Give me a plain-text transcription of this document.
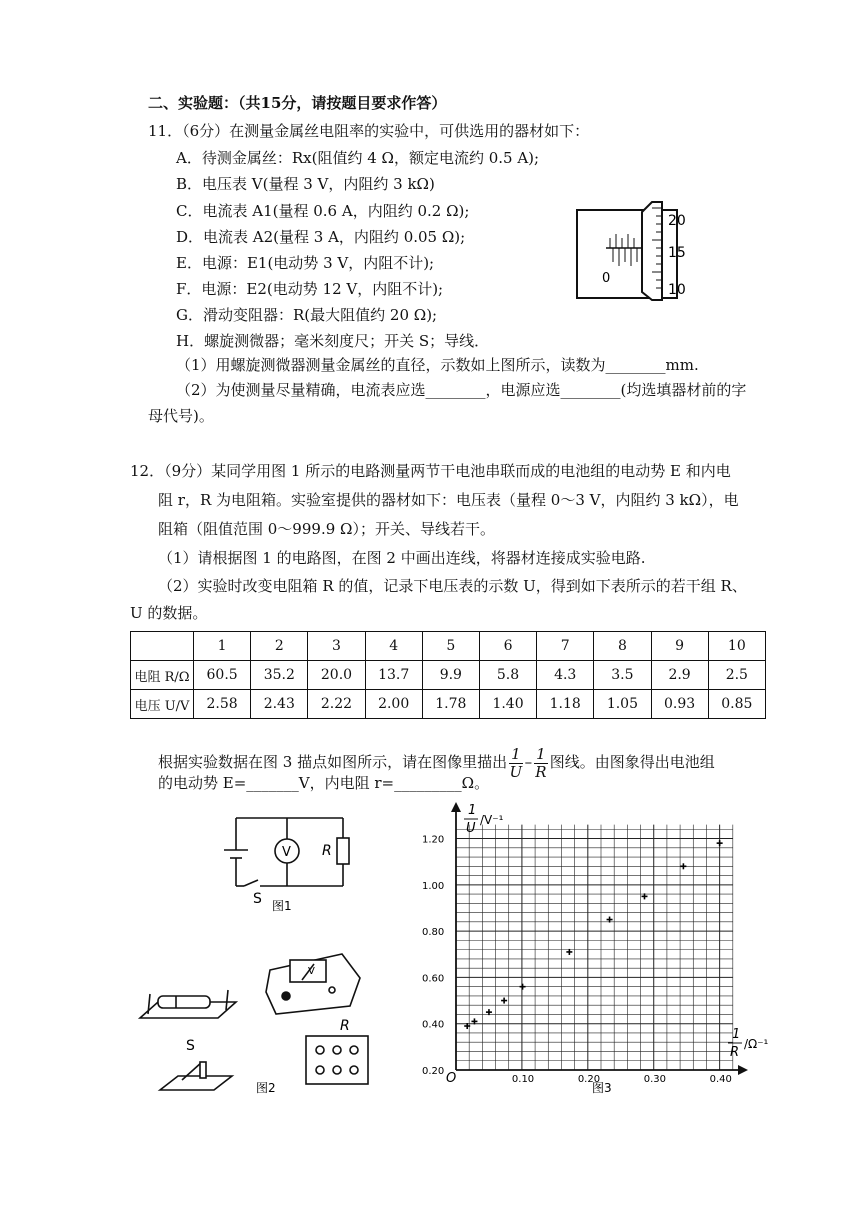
二、实验题：（共15分，请按题目要求作答）
11．（6分）在测量金属丝电阻率的实验中，可供选用的器材如下：
A．待测金属丝：Rx(阻值约 4 Ω，额定电流约 0.5 A);
B．电压表 V(量程 3 V，内阻约 3 kΩ)
C．电流表 A1(量程 0.6 A，内阻约 0.2 Ω);
D．电流表 A2(量程 3 A，内阻约 0.05 Ω);
E．电源：E1(电动势 3 V，内阻不计);
F．电源：E2(电动势 12 V，内阻不计);
G．滑动变阻器：R(最大阻值约 20 Ω);
H．螺旋测微器；毫米刻度尺；开关 S；导线．
（1）用螺旋测微器测量金属丝的直径，示数如上图所示，读数为________mm.
（2）为使测量尽量精确，电流表应选________，电源应选________(均选填器材前的字
母代号)。
20
15
10
0
12．（9分）某同学用图 1 所示的电路测量两节干电池串联而成的电池组的电动势 E 和内电
阻 r，R 为电阻箱。实验室提供的器材如下：电压表（量程 0～3 V，内阻约 3 kΩ），电
阻箱（阻值范围 0～999.9 Ω）；开关、导线若干。
（1）请根据图 1 的电路图，在图 2 中画出连线，将器材连接成实验电路.
（2）实验时改变电阻箱 R 的值，记录下电压表的示数 U，得到如下表所示的若干组 R、
U 的数据。
	1	2	3	4	5	6	7	8	9	10
电阻 R/Ω	60.5	35.2	20.0	13.7	9.9	5.8	4.3	3.5	2.9	2.5
电压 U/V	2.58	2.43	2.22	2.00	1.78	1.40	1.18	1.05	0.93	0.85
根据实验数据在图 3 描点如图所示，请在图像里描出 $\frac{1}{U} - \frac{1}{R}$ 图线。由图象得出电池组
的电动势 E=_______V，内电阻 r=_________Ω。
V R
S 图1
V
R
S
图2
0.10	0.20	0.30	0.40
0.20
0.40
0.60
0.80
1.00
1.20
O
1
U
/V⁻¹
1
R
/Ω⁻¹
图3
